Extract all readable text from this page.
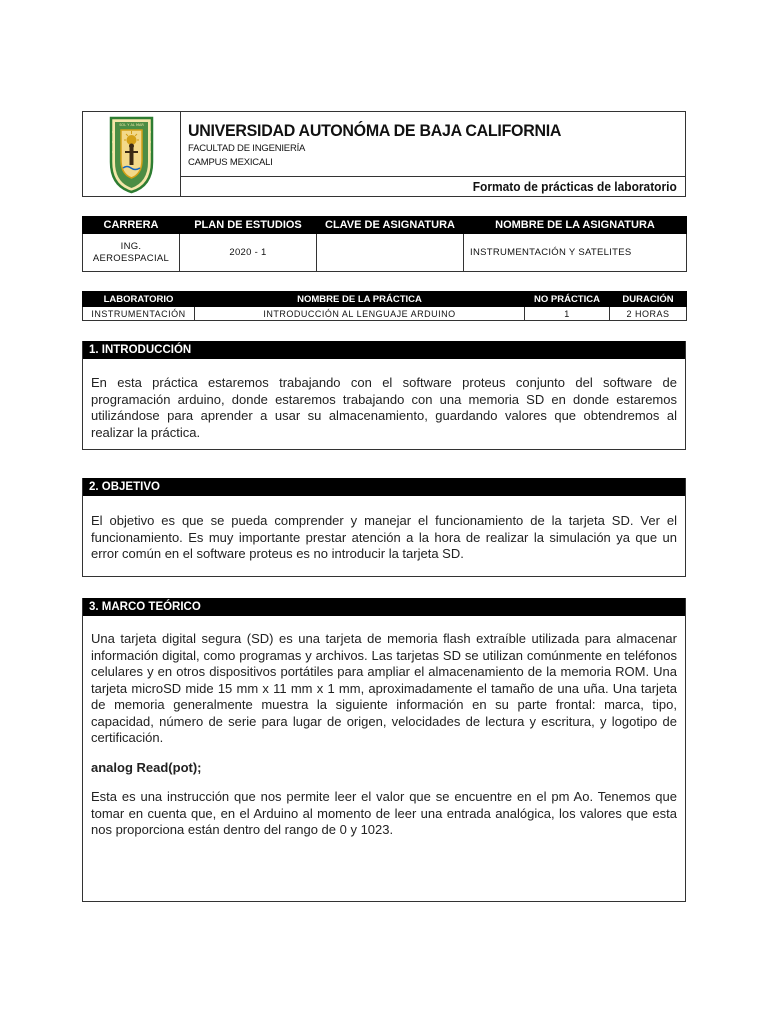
SOL Y AL MAR	UNIVERSIDAD AUTONÓMA DE BAJA CALIFORNIA
FACULTAD DE INGENIERÍA
CAMPUS MEXICALI
Formato de prácticas de laboratorio
CARRERA	PLAN DE ESTUDIOS	CLAVE DE ASIGNATURA	NOMBRE DE LA ASIGNATURA
ING. AEROESPACIAL	2020 - 1		INSTRUMENTACIÓN Y SATELITES
LABORATORIO	NOMBRE DE LA PRÁCTICA	NO PRÁCTICA	DURACIÓN
INSTRUMENTACIÓN	INTRODUCCIÓN AL LENGUAJE ARDUINO	1	2 HORAS
1. INTRODUCCIÓN

En esta práctica estaremos trabajando con el software proteus conjunto del software de programación arduino, donde estaremos trabajando con una memoria SD en donde estaremos utilizándose para aprender a usar su almacenamiento, guardando valores que obtendremos al realizar la práctica.

2. OBJETIVO

El objetivo es que se pueda comprender y manejar el funcionamiento de la tarjeta SD. Ver el funcionamiento. Es muy importante prestar atención a la hora de realizar la simulación ya que un error común en el software proteus es no introducir la tarjeta SD.

3. MARCO TEÓRICO

Una tarjeta digital segura (SD) es una tarjeta de memoria flash extraíble utilizada para almacenar información digital, como programas y archivos. Las tarjetas SD se utilizan comúnmente en teléfonos celulares y en otros dispositivos portátiles para ampliar el almacenamiento de la memoria ROM. Una tarjeta microSD mide 15 mm x 11 mm x 1 mm, aproximadamente el tamaño de una uña. Una tarjeta de memoria generalmente muestra la siguiente información en su parte frontal: marca, tipo, capacidad, número de serie para lugar de origen, velocidades de lectura y escritura, y logotipo de certificación.

analog Read(pot);

Esta es una instrucción que nos permite leer el valor que se encuentre en el pm Ao. Tenemos que tomar en cuenta que, en el Arduino al momento de leer una entrada analógica, los valores que esta nos proporciona están dentro del rango de 0 y 1023.
